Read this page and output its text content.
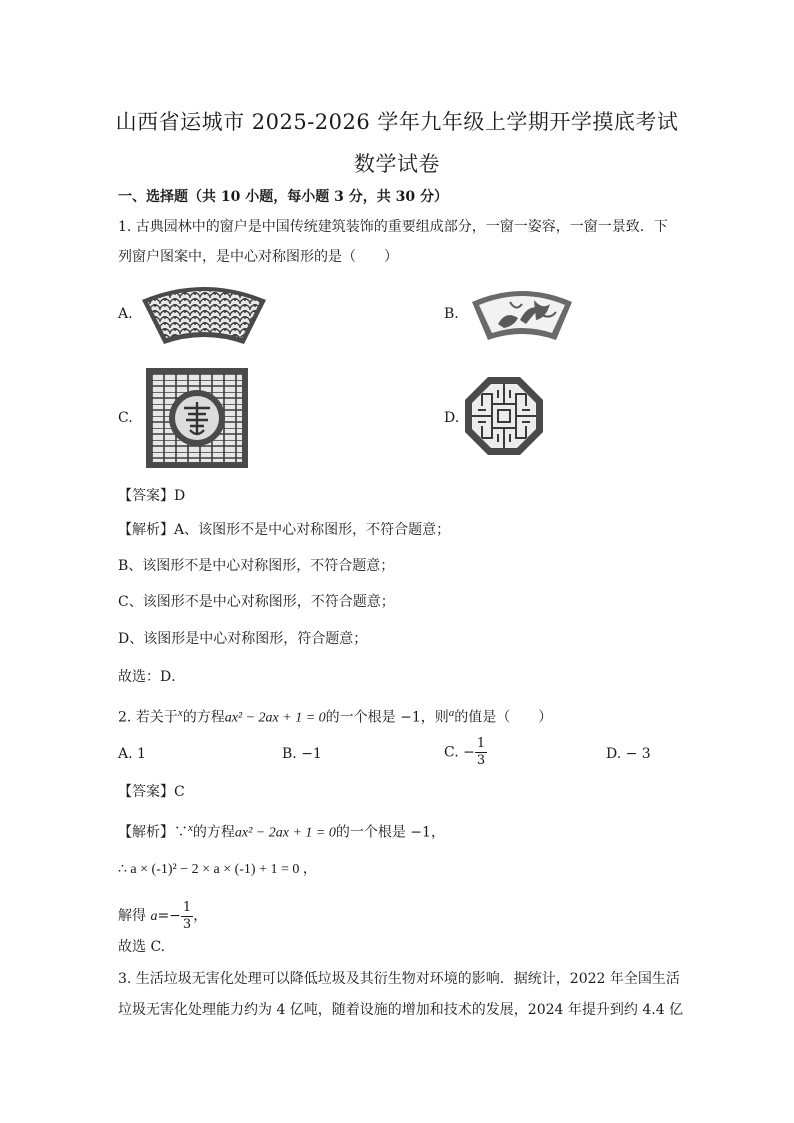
山西省运城市 2025-2026 学年九年级上学期开学摸底考试
数学试卷
一、选择题（共 10 小题，每小题 3 分，共 30 分）
1. 古典园林中的窗户是中国传统建筑装饰的重要组成部分，一窗一姿容，一窗一景致．下
列窗户图案中，是中心对称图形的是（　　）
A.	B.
C.	D.
【答案】D
【解析】A、该图形不是中心对称图形，不符合题意；
B、该图形不是中心对称图形，不符合题意；
C、该图形不是中心对称图形，不符合题意；
D、该图形是中心对称图形，符合题意；
故选：D．
2. 若关于$^x$的方程ax² − 2ax + 1 = 0的一个根是 −1，则$^a$的值是（　　）
A. 1	B. −1	C. − $\frac{1}{3}$	D. − 3
【答案】C
【解析】∵$^x$的方程ax² − 2ax + 1 = 0的一个根是 −1，
∴ a × (-1)² − 2 × a × (-1) + 1 = 0 ，
解得 $a=- \frac{1}{3}$ ，
故选 C.
3. 生活垃圾无害化处理可以降低垃圾及其衍生物对环境的影响．据统计，2022 年全国生活
垃圾无害化处理能力约为 4 亿吨，随着设施的增加和技术的发展，2024 年提升到约 4.4 亿
